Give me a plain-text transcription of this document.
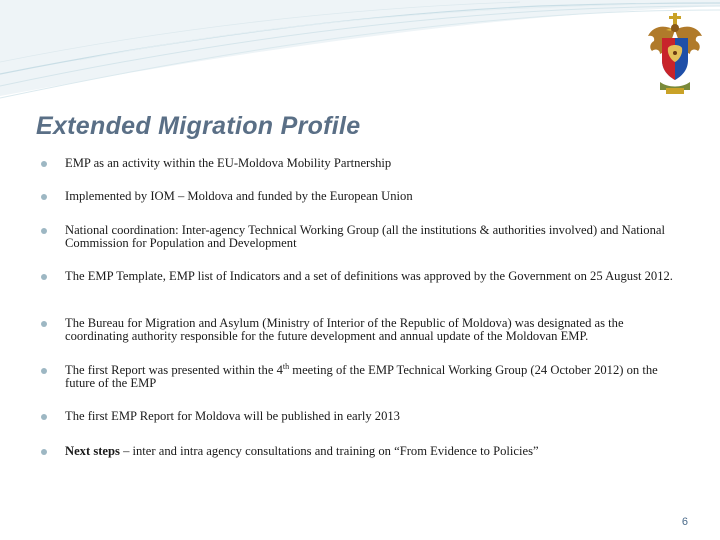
Extended Migration Profile
EMP as an activity within the EU-Moldova Mobility Partnership
Implemented by IOM – Moldova and funded by the European Union
National coordination: Inter-agency Technical Working Group (all the institutions & authorities involved) and National Commission for Population and Development
The EMP Template, EMP list of Indicators and a set of definitions was approved by the Government on 25 August 2012.
The Bureau for Migration and Asylum (Ministry of Interior of the Republic of Moldova) was designated as the coordinating authority responsible for the future development and annual update of the Moldovan EMP.
The first Report was presented within the 4th meeting of the EMP Technical Working Group (24 October 2012) on the future of the EMP
The first EMP Report for Moldova will be published in early 2013
Next steps – inter and intra agency consultations and training on “From Evidence to Policies”
6
